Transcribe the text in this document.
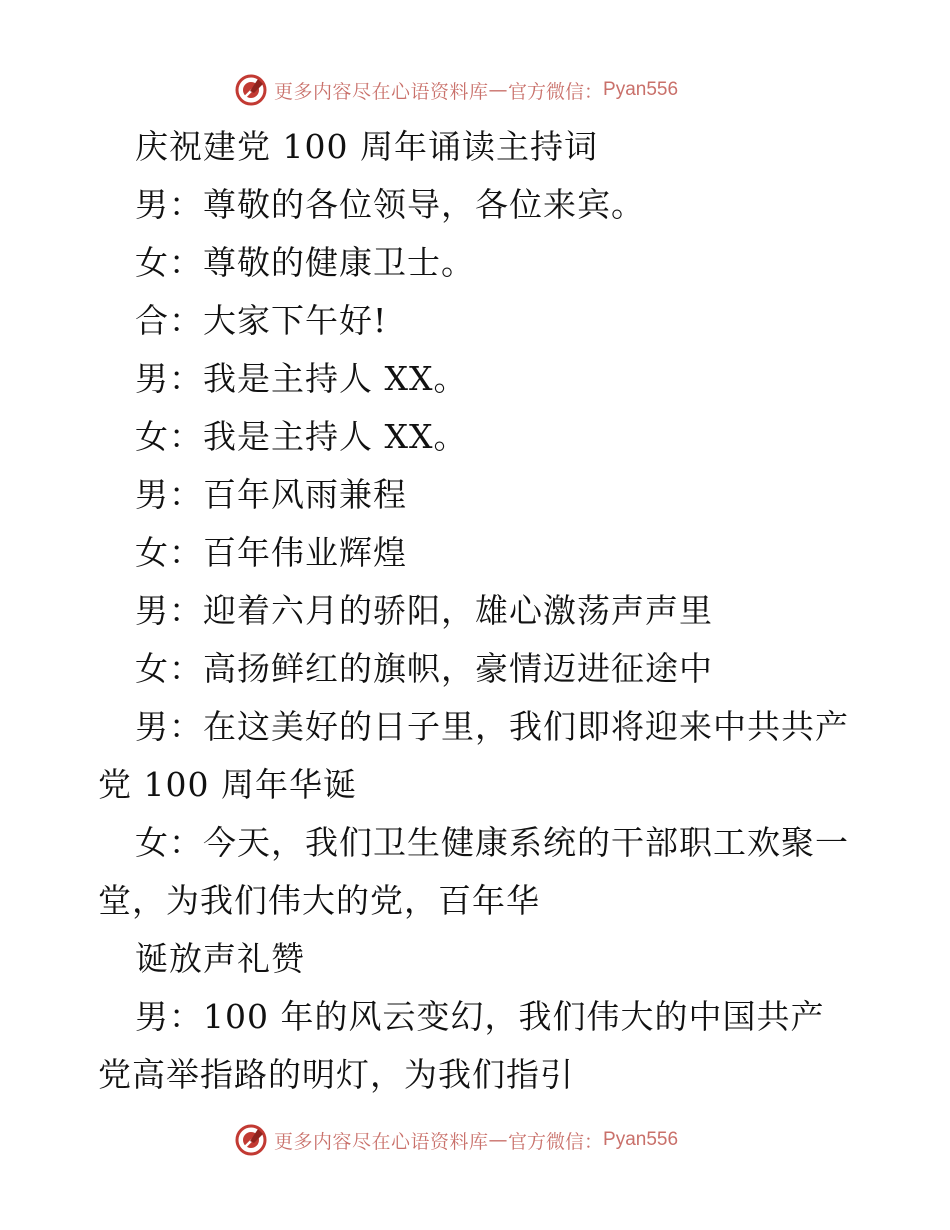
更多内容尽在心语资料库 — 官方微信： Pyan556

庆祝建党 100 周年诵读主持词

男：尊敬的各位领导，各位来宾。

女：尊敬的健康卫士。

合：大家下午好!

男：我是主持人 XX。

女：我是主持人 XX。

男：百年风雨兼程

女：百年伟业辉煌

男：迎着六月的骄阳，雄心激荡声声里

女：高扬鲜红的旗帜，豪情迈进征途中

男：在这美好的日子里，我们即将迎来中共共产党 100 周年华诞

女：今天，我们卫生健康系统的干部职工欢聚一堂，为我们伟大的党，百年华

诞放声礼赞

男：100 年的风云变幻，我们伟大的中国共产党高举指路的明灯，为我们指引

更多内容尽在心语资料库 — 官方微信： Pyan556
